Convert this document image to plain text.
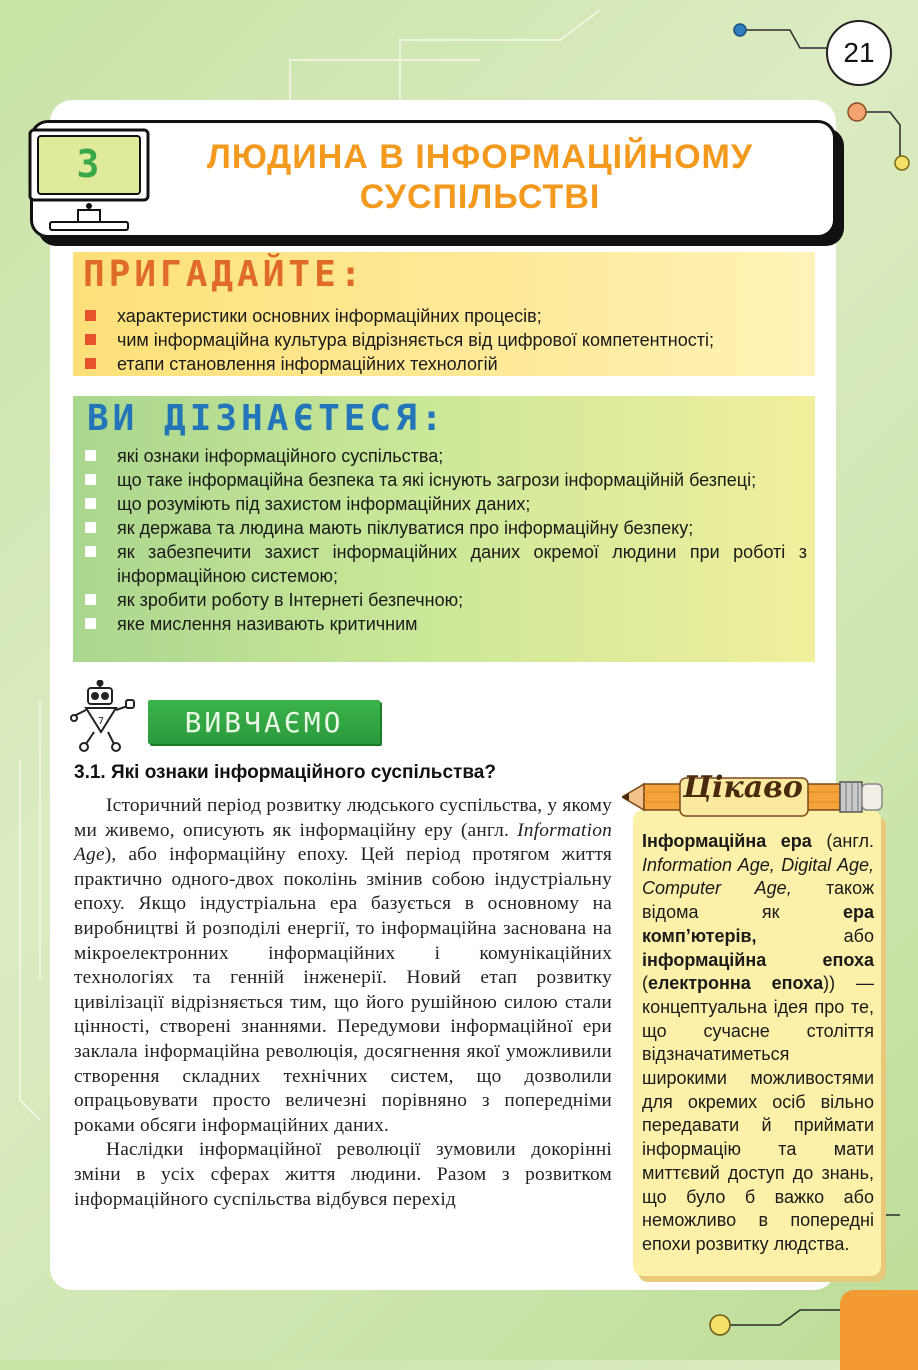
21
3	ЛЮДИНА В ІНФОРМАЦІЙНОМУ
СУСПІЛЬСТВІ
ПРИГАДАЙТЕ:
характеристики основних інформаційних процесів;
чим інформаційна культура відрізняється від цифрової компетентності;
етапи становлення інформаційних технологій
ВИ ДІЗНАЄТЕСЯ:
які ознаки інформаційного суспільства;
що таке інформаційна безпека та які існують загрози інформаційній безпеці;
що розуміють під захистом інформаційних даних;
як держава та людина мають піклуватися про інформаційну безпеку;
як забезпечити захист інформаційних даних окремої людини при роботі з інформаційною системою;
як зробити роботу в Інтернеті безпечною;
яке мислення називають критичним
7	ВИВЧАЄМО
3.1. Які ознаки інформаційного суспільства?

Історичний період розвитку людського суспільства, у якому ми живемо, описують як інформаційну еру (англ. Information Age), або інформаційну епоху. Цей період протягом життя практично одного-двох поколінь змінив собою індустріальну епоху. Якщо індустріальна ера базується в основному на виробництві й розподілі енергії, то інформаційна заснована на мікроелектронних інформаційних і комунікаційних технологіях та генній інженерії. Новий етап розвитку цивілізації відрізняється тим, що його рушійною силою стали цінності, створені знаннями. Передумови інформаційної ери заклала інформаційна революція, досягнення якої уможливили створення складних технічних систем, що дозволили опрацьовувати просто величезні порівняно з попередніми роками обсяги інформаційних даних.

Наслідки інформаційної революції зумовили докорінні зміни в усіх сферах життя людини. Разом з розвитком інформаційного суспільства відбувся перехід

Цікаво
Інформаційна ера (англ. Information Age, Digital Age, Computer Age, також відома як ера комп’ютерів, або інформаційна епоха (електронна епоха)) — концептуальна ідея про те, що сучасне століття відзначатиметься широкими можливостями для окремих осіб вільно передавати й приймати інформацію та мати миттєвий доступ до знань, що було б важко або неможливо в попередні епохи розвитку людства.
